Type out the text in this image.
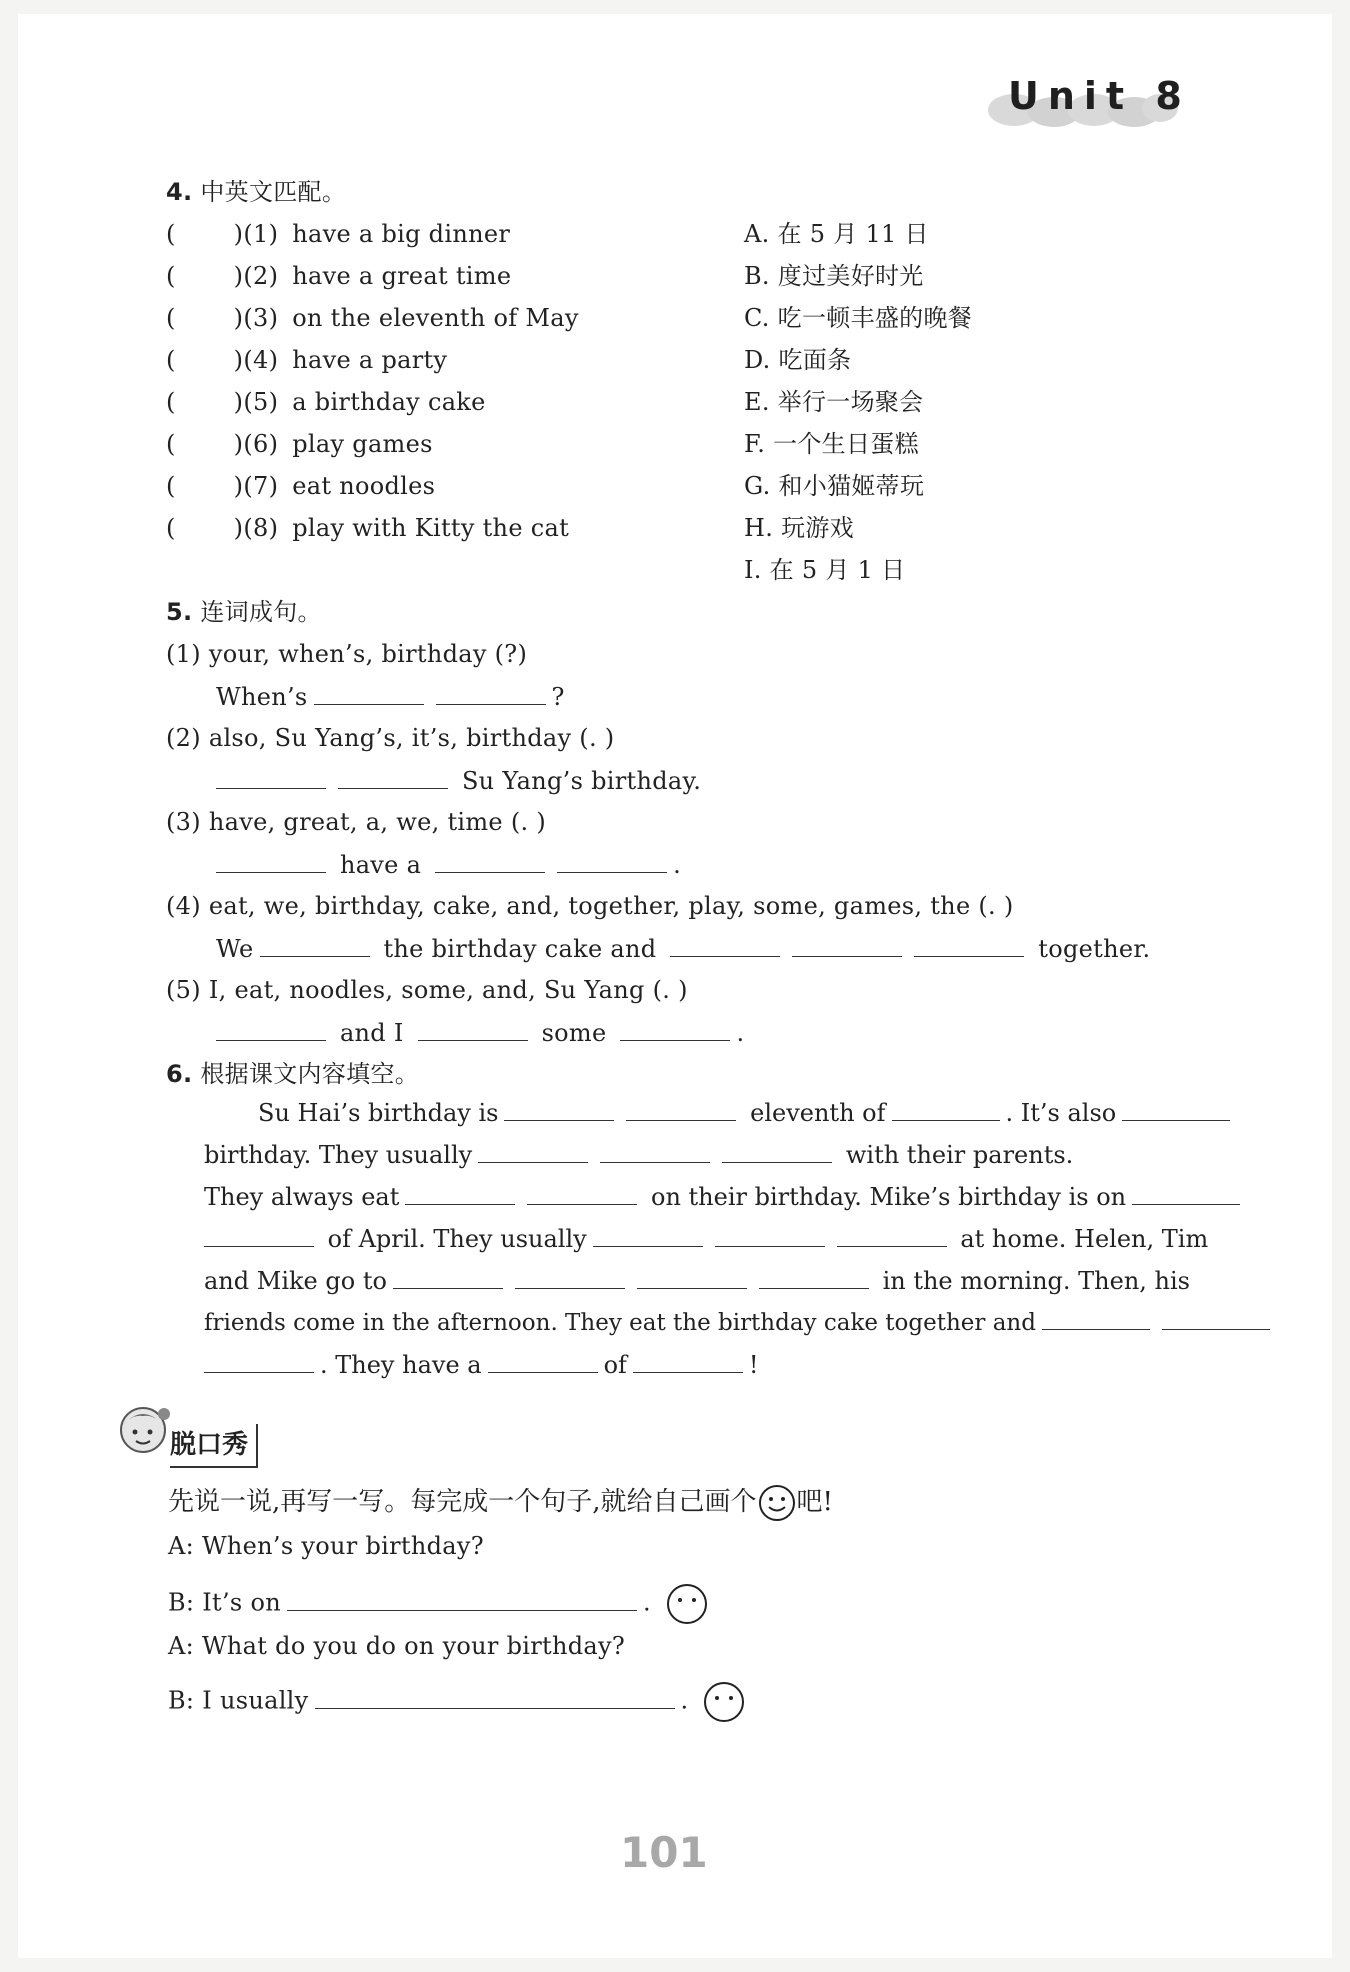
Unit 8
4. 中英文匹配。
( )(1) have a big dinner
( )(2) have a great time
( )(3) on the eleventh of May
( )(4) have a party
( )(5) a birthday cake
( )(6) play games
( )(7) eat noodles
( )(8) play with Kitty the cat
A. 在 5 月 11 日
B. 度过美好时光
C. 吃一顿丰盛的晚餐
D. 吃面条
E. 举行一场聚会
F. 一个生日蛋糕
G. 和小猫姬蒂玩
H. 玩游戏
I. 在 5 月 1 日
5. 连词成句。
(1) your, when’s, birthday (?)
When’s	?
(2) also, Su Yang’s, it’s, birthday (. )
Su Yang’s birthday.
(3) have, great, a, we, time (. )
have a	.
(4) eat, we, birthday, cake, and, together, play, some, games, the (. )
We	the birthday cake and	together.
(5) I, eat, noodles, some, and, Su Yang (. )
and I	some	.
6. 根据课文内容填空。
Su Hai’s birthday is	eleventh of	. It’s also
birthday. They usually	with their parents.
They always eat	on their birthday. Mike’s birthday is on
of April. They usually	at home. Helen, Tim
and Mike go to	in the morning. Then, his
friends come in the afternoon. They eat the birthday cake together and
. They have a	of	!
脱口秀
先说一说,再写一写。每完成一个句子,就给自己画个 吧!
A: When’s your birthday?
B: It’s on	.
A: What do you do on your birthday?
B: I usually	.
101
